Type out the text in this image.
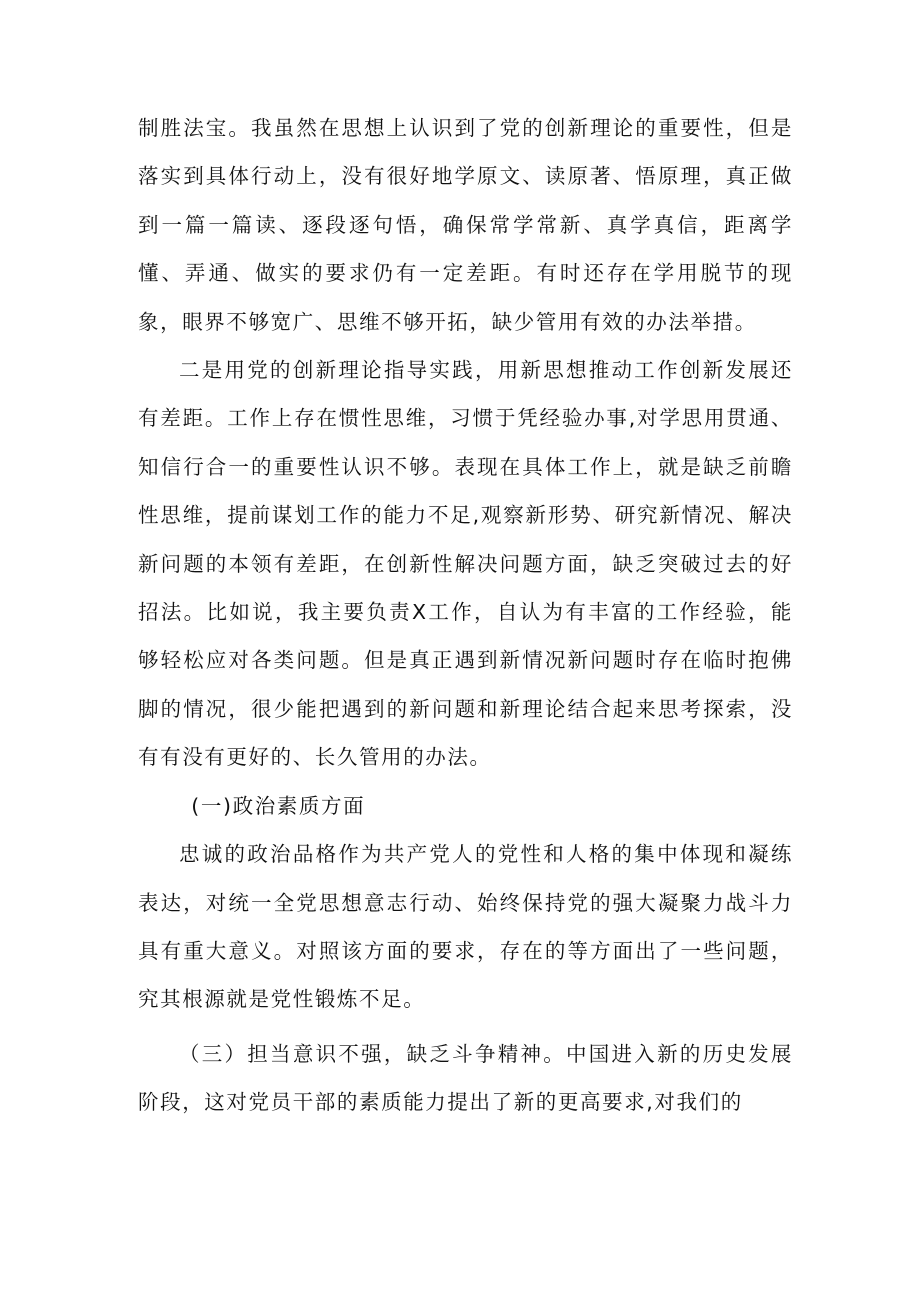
制胜法宝。我虽然在思想上认识到了党的创新理论的重要性，但是落实到具体行动上，没有很好地学原文、读原著、悟原理，真正做到一篇一篇读、逐段逐句悟，确保常学常新、真学真信，距离学懂、弄通、做实的要求仍有一定差距。有时还存在学用脱节的现象，眼界不够宽广、思维不够开拓，缺少管用有效的办法举措。

二是用党的创新理论指导实践，用新思想推动工作创新发展还有差距。工作上存在惯性思维，习惯于凭经验办事,对学思用贯通、知信行合一的重要性认识不够。表现在具体工作上，就是缺乏前瞻性思维，提前谋划工作的能力不足,观察新形势、研究新情况、解决新问题的本领有差距，在创新性解决问题方面，缺乏突破过去的好招法。比如说，我主要负责X工作，自认为有丰富的工作经验，能够轻松应对各类问题。但是真正遇到新情况新问题时存在临时抱佛脚的情况，很少能把遇到的新问题和新理论结合起来思考探索，没有有没有更好的、长久管用的办法。

(一)政治素质方面

忠诚的政治品格作为共产党人的党性和人格的集中体现和凝练表达，对统一全党思想意志行动、始终保持党的强大凝聚力战斗力具有重大意义。对照该方面的要求，存在的等方面出了一些问题，究其根源就是党性锻炼不足。

（三）担当意识不强，缺乏斗争精神。中国进入新的历史发展阶段，这对党员干部的素质能力提出了新的更高要求,对我们的
